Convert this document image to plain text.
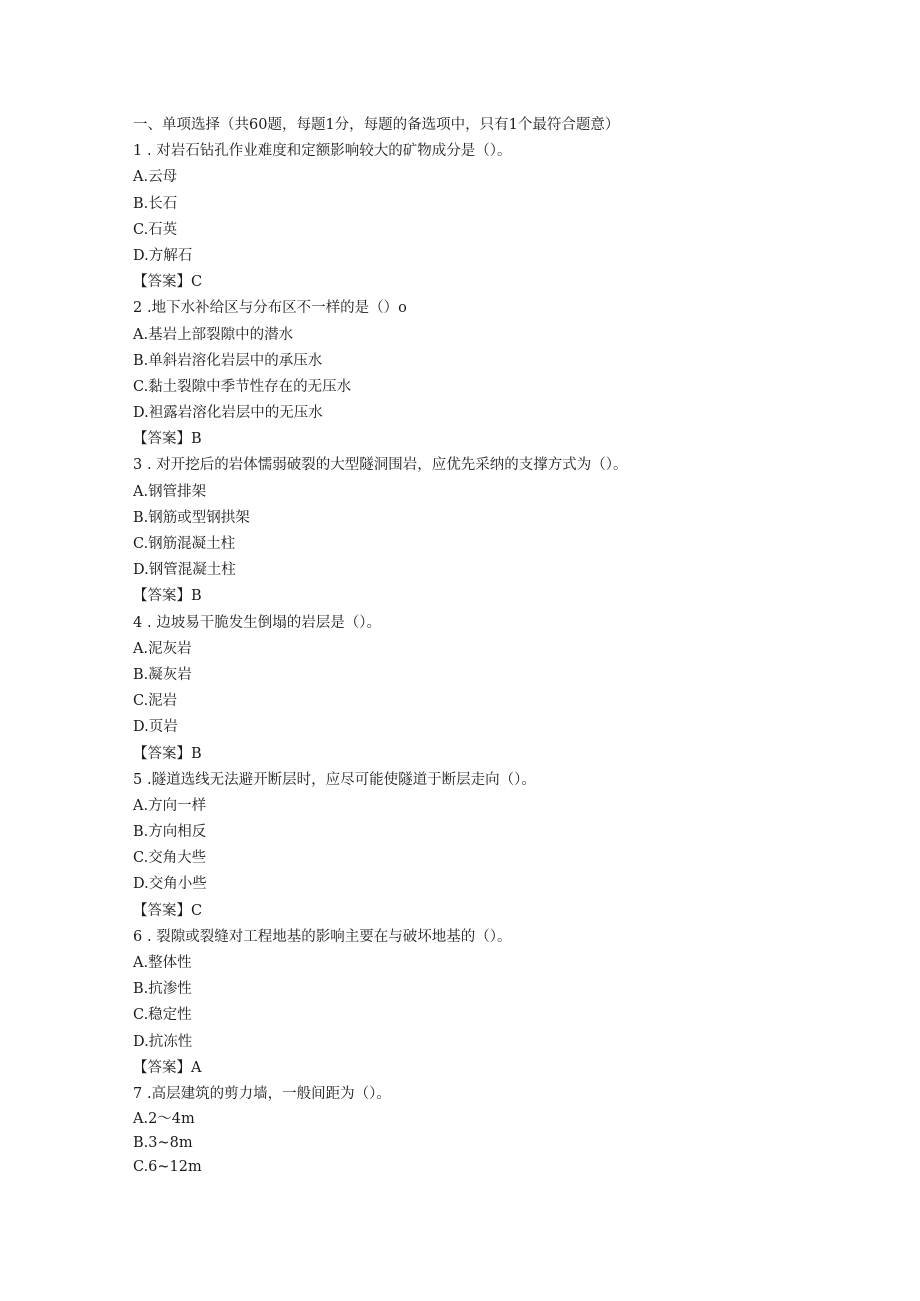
一、单项选择（共60题，每题1分，每题的备选项中，只有1个最符合题意）
1 . 对岩石钻孔作业难度和定额影响较大的矿物成分是（）。
A.云母
B.长石
C.石英
D.方解石
【答案】C
2 .地下水补给区与分布区不一样的是（）o
A.基岩上部裂隙中的潜水
B.单斜岩溶化岩层中的承压水
C.黏土裂隙中季节性存在的无压水
D.袒露岩溶化岩层中的无压水
【答案】B
3 . 对开挖后的岩体懦弱破裂的大型隧洞围岩，应优先采纳的支撑方式为（）。
A.钢管排架
B.钢筋或型钢拱架
C.钢筋混凝土柱
D.钢管混凝土柱
【答案】B
4 . 边坡易干脆发生倒塌的岩层是（）。
A.泥灰岩
B.凝灰岩
C.泥岩
D.页岩
【答案】B
5 .隧道选线无法避开断层时，应尽可能使隧道于断层走向（）。
A.方向一样
B.方向相反
C.交角大些
D.交角小些
【答案】C
6 . 裂隙或裂缝对工程地基的影响主要在与破坏地基的（）。
A.整体性
B.抗渗性
C.稳定性
D.抗冻性
【答案】A
7 .高层建筑的剪力墙，一般间距为（）。
A.2～4m
B.3~8m
C.6~12m
